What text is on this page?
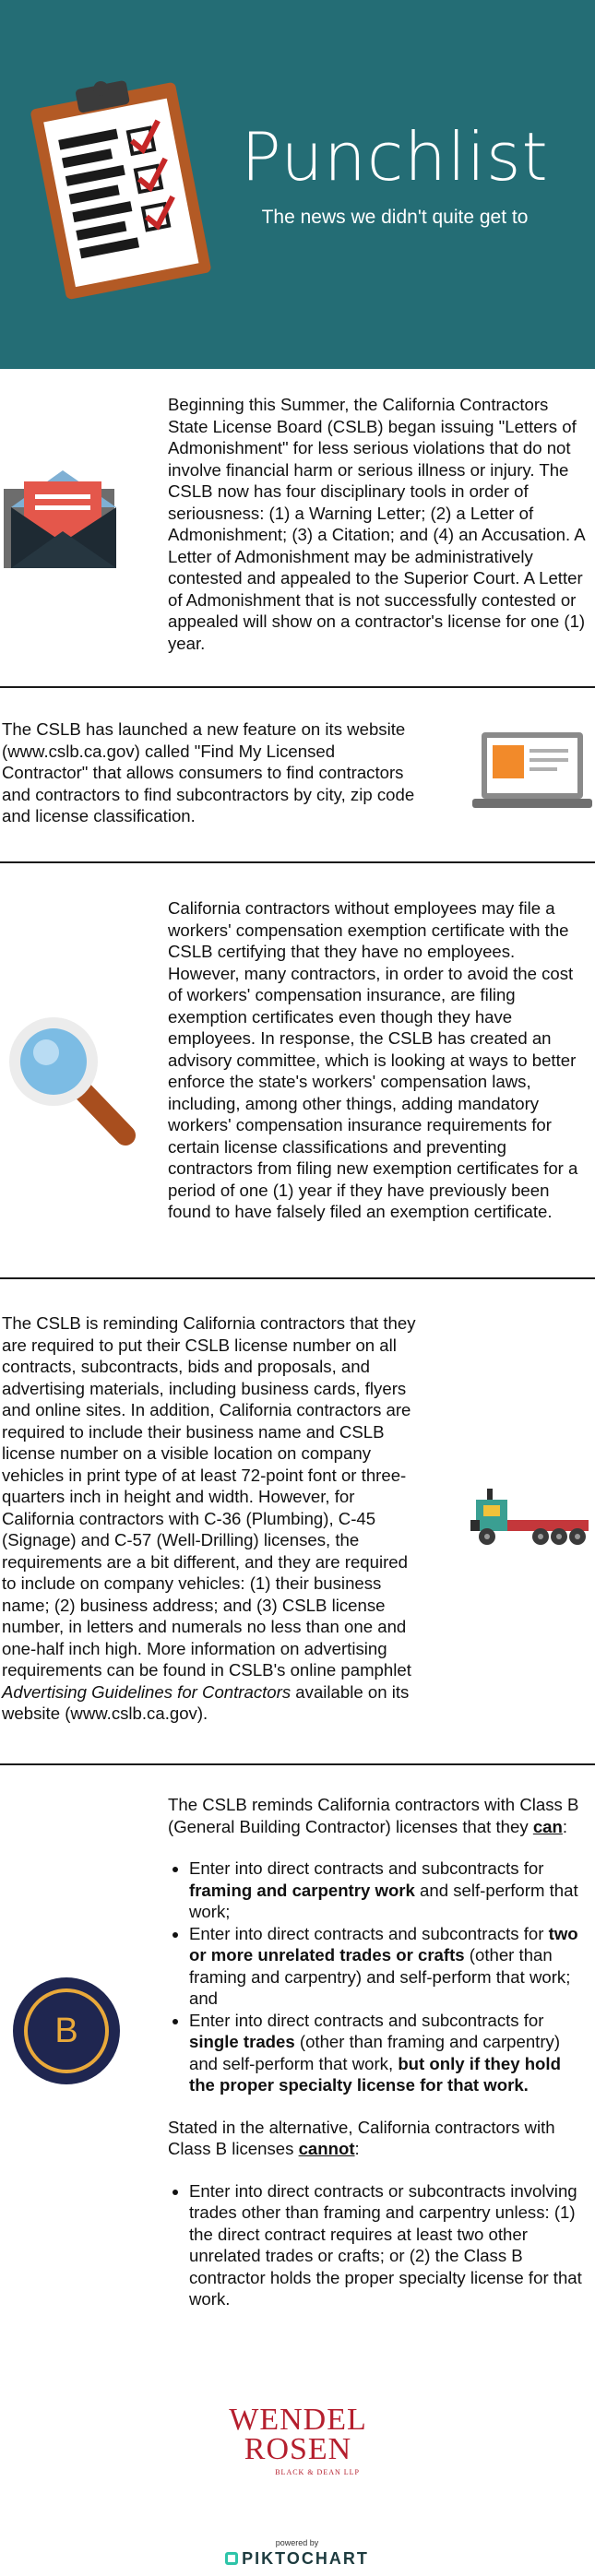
Punchlist
The news we didn't quite get to
Beginning this Summer, the California Contractors State License Board (CSLB) began issuing "Letters of Admonishment" for less serious violations that do not involve financial harm or serious illness or injury. The CSLB now has four disciplinary tools in order of seriousness: (1) a Warning Letter; (2) a Letter of Admonishment; (3) a Citation; and (4) an Accusation. A Letter of Admonishment may be administratively contested and appealed to the Superior Court. A Letter of Admonishment that is not successfully contested or appealed will show on a contractor's license for one (1) year.
The CSLB has launched a new feature on its website (www.cslb.ca.gov) called "Find My Licensed Contractor" that allows consumers to find contractors and contractors to find subcontractors by city, zip code and license classification.
California contractors without employees may file a workers' compensation exemption certificate with the CSLB certifying that they have no employees. However, many contractors, in order to avoid the cost of workers' compensation insurance, are filing exemption certificates even though they have employees. In response, the CSLB has created an advisory committee, which is looking at ways to better enforce the state's workers' compensation laws, including, among other things, adding mandatory workers' compensation insurance requirements for certain license classifications and preventing contractors from filing new exemption certificates for a period of one (1) year if they have previously been found to have falsely filed an exemption certificate.
The CSLB is reminding California contractors that they are required to put their CSLB license number on all contracts, subcontracts, bids and proposals, and advertising materials, including business cards, flyers and online sites. In addition, California contractors are required to include their business name and CSLB license number on a visible location on company vehicles in print type of at least 72-point font or three-quarters inch in height and width. However, for California contractors with C-36 (Plumbing), C-45 (Signage) and C-57 (Well-Drilling) licenses, the requirements are a bit different, and they are required to include on company vehicles: (1) their business name; (2) business address; and (3) CSLB license number, in letters and numerals no less than one and one-half inch high. More information on advertising requirements can be found in CSLB's online pamphlet Advertising Guidelines for Contractors available on its website (www.cslb.ca.gov).
B

The CSLB reminds California contractors with Class B (General Building Contractor) licenses that they can:

• Enter into direct contracts and subcontracts for framing and carpentry work and self-perform that work;
• Enter into direct contracts and subcontracts for two or more unrelated trades or crafts (other than framing and carpentry) and self-perform that work; and
• Enter into direct contracts and subcontracts for single trades (other than framing and carpentry) and self-perform that work, but only if they hold the proper specialty license for that work.

Stated in the alternative, California contractors with Class B licenses cannot:

• Enter into direct contracts or subcontracts involving trades other than framing and carpentry unless: (1) the direct contract requires at least two other unrelated trades or crafts; or (2) the Class B contractor holds the proper specialty license for that work.
WENDEL
ROSEN
BLACK & DEAN LLP
powered by
PIKTOCHART
